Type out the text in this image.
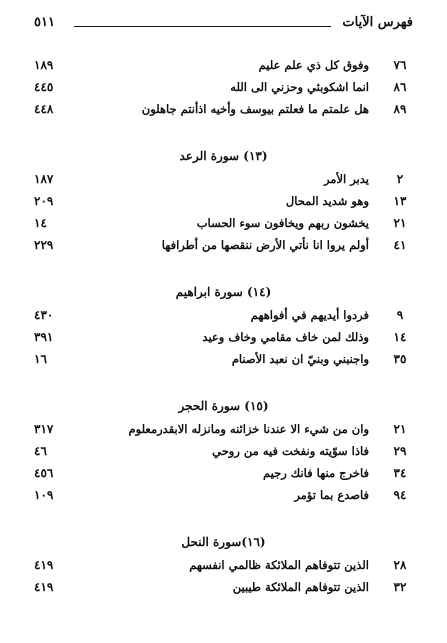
فهرس الآيات
٥١١
٧٦
وفوق كل ذي علم عليم
١٨٩
٨٦
انما اشكوبثي وحزني الى الله
٤٤٥
٨٩
هل علمتم ما فعلتم بيوسف وأخيه اذأنتم جاهلون
٤٤٨
(١٣) سورة الرعد
٢
يدبر الأمر
١٨٧
١٣
وهو شديد المحال
٢٠٩
٢١
يخشون ربهم ويخافون سوء الحساب
١٤
٤١
أولم يروا انا نأتي الأرض ننقصها من أطرافها
٢٢٩
(١٤) سورة ابراهيم
٩
فردوا أيديهم في أفواههم
٤٣٠
١٤
وذلك لمن خاف مقامي وخاف وعيد
٣٩١
٣٥
واجنبني وبنيّ ان نعبد الأصنام
١٦
(١٥) سورة الحجر
٢١
وان من شيء الا عندنا خزائنه ومانزله الابقدرمعلوم
٣١٧
٢٩
فاذا سوّيته ونفخت فيه من روحي
٤٦
٣٤
فاخرج منها فانك رجيم
٤٥٦
٩٤
فاصدع بما تؤمر
١٠٩
(١٦)سورة النحل
٢٨
الذين تتوفاهم الملائكة ظالمي انفسهم
٤١٩
٣٢
الذين تتوفاهم الملائكة طيبين
٤١٩
